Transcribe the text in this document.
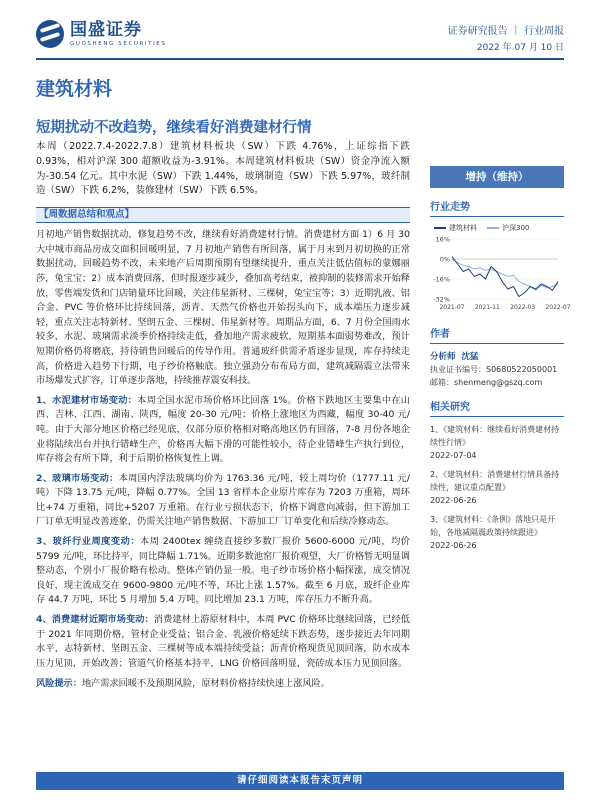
国盛证券
GUOSHENG SECURITIES
证券研究报告 ｜ 行业周报
2022 年 07 月 10 日
建筑材料
短期扰动不改趋势，继续看好消费建材行情

本周（2022.7.4-2022.7.8）建筑材料板块（SW）下跌 4.76%，上证综指下跌 0.93%，相对沪深 300 超额收益为-3.91%。本周建筑材料板块（SW）资金净流入额为-30.54 亿元。其中水泥（SW）下跌 1.44%，玻璃制造（SW）下跌 5.97%，玻纤制造（SW）下跌 6.2%，装修建材（SW）下跌 6.5%。

【周数据总结和观点】

月初地产销售数据扰动，修复趋势不改，继续看好消费建材行情。消费建材方面 1）6 月 30 大中城市商品房成交面积回暖明显，7 月初地产销售有所回落，属于月末到月初切换的正常数据扰动，回暖趋势不改，未来地产后周期预期有望继续提升，重点关注低估值标的蒙娜丽莎，兔宝宝；2）成本消费回落，但时报逐步减少，叠加高考结束，被抑制的装修需求开始释放，零售端发货和门店销量环比回暖，关注伟星新材、三棵树，兔宝宝等；3）近期乳液、铝合金、PVC 等价格环比持续回落，沥青、天然气价格也开始拐头向下，成本端压力逐步减轻，重点关注志特新材、坚朗五金、三棵树、伟星新材等。周期品方面，6、7 月份全国雨水较多，水泥、玻璃需求淡季价格持续走低，叠加地产需求疲软，短期基本面弱势难改，预计短期价格仍将磨底，持待销售回暖后的传导作用。普通玻纤供需矛盾逐步显现，库存持续走高，价格进入趋势下行期，电子纱价格触底。独立强劲分布布局方面，建筑减隔震立法带来市场爆发式扩容，订单逐步落地，持续推荐震安科技。

1、水泥建材市场变动：本周全国水泥市场价格环比回落 1%。价格下跌地区主要集中在山西、吉林、江西、湖南、陕西，幅度 20-30 元/吨；价格上涨地区为西藏，幅度 30-40 元/吨。由于大部分地区价格已经见底，仅部分原价格相对略高地区仍有回落，7-8 月份各地企业将陆续出台并执行错峰生产，价格再大幅下滑的可能性较小，待企业错峰生产执行到位，库存将会有所下降，利于后期价格恢复性上调。

2、玻璃市场变动：本周国内浮法玻璃均价为 1763.36 元/吨，较上周均价（1777.11 元/吨）下降 13.75 元/吨，降幅 0.77%。全国 13 省样本企业原片库存为 7203 万重箱，周环比+74 万重箱，同比+5207 万重箱。在行业亏损状态下，价格下调意向减弱，但下游加工厂订单无明显改善迹象，仍需关注地产销售数据、下游加工厂订单变化和后续冷修动态。

3、玻纤行业周度变动：本周 2400tex 缠绕直接纱多数厂报价 5600-6000 元/吨，均价 5799 元/吨，环比持平，同比降幅 1.71%。近期多数池窑厂报价观望，大厂价格暂无明显调整动态，个别小厂报价略有松动。整体产销仍显一般。电子纱市场价格小幅探涨，成交情况良好，现主流成交在 9600-9800 元/吨不等，环比上涨 1.57%。截至 6 月底，玻纤企业库存 44.7 万吨，环比 5 月增加 5.4 万吨，同比增加 23.1 万吨，库存压力不断升高。

4、消费建材近期市场变动：消费建材上游原材料中，本周 PVC 价格环比继续回落，已经低于 2021 年同期价格，管材企业受益；铝合金、乳液价格延续下跌态势，逐步接近去年同期水平，志特新材、坚朗五金、三棵树等成本端持续受益；沥青价格现货见顶回落，防水成本压力见顶，开始改善；管道气价格基本持平，LNG 价格回落明显，瓷砖成本压力见顶回落。

风险提示：地产需求回暖不及预期风险，原材料价格持续快速上涨风险。

增持（维持）
行业走势
建筑材料	沪深300
16%
0%
-16%
-32%
2021-07 2021-11 2022-03 2022-07
作者
分析师 沈猛
执业证书编号：S0680522050001
邮箱：shenmeng@gszq.com
相关研究
1、《建筑材料：继续看好消费建材持续性行情》
2022-07-04
2、《建筑材料：消费建材行情具备持续性，建议重点配置》
2022-06-26
3、《建筑材料：《条例》落地只是开始，各地减隔震政策持续跟进》
2022-06-26
请仔细阅读本报告末页声明
